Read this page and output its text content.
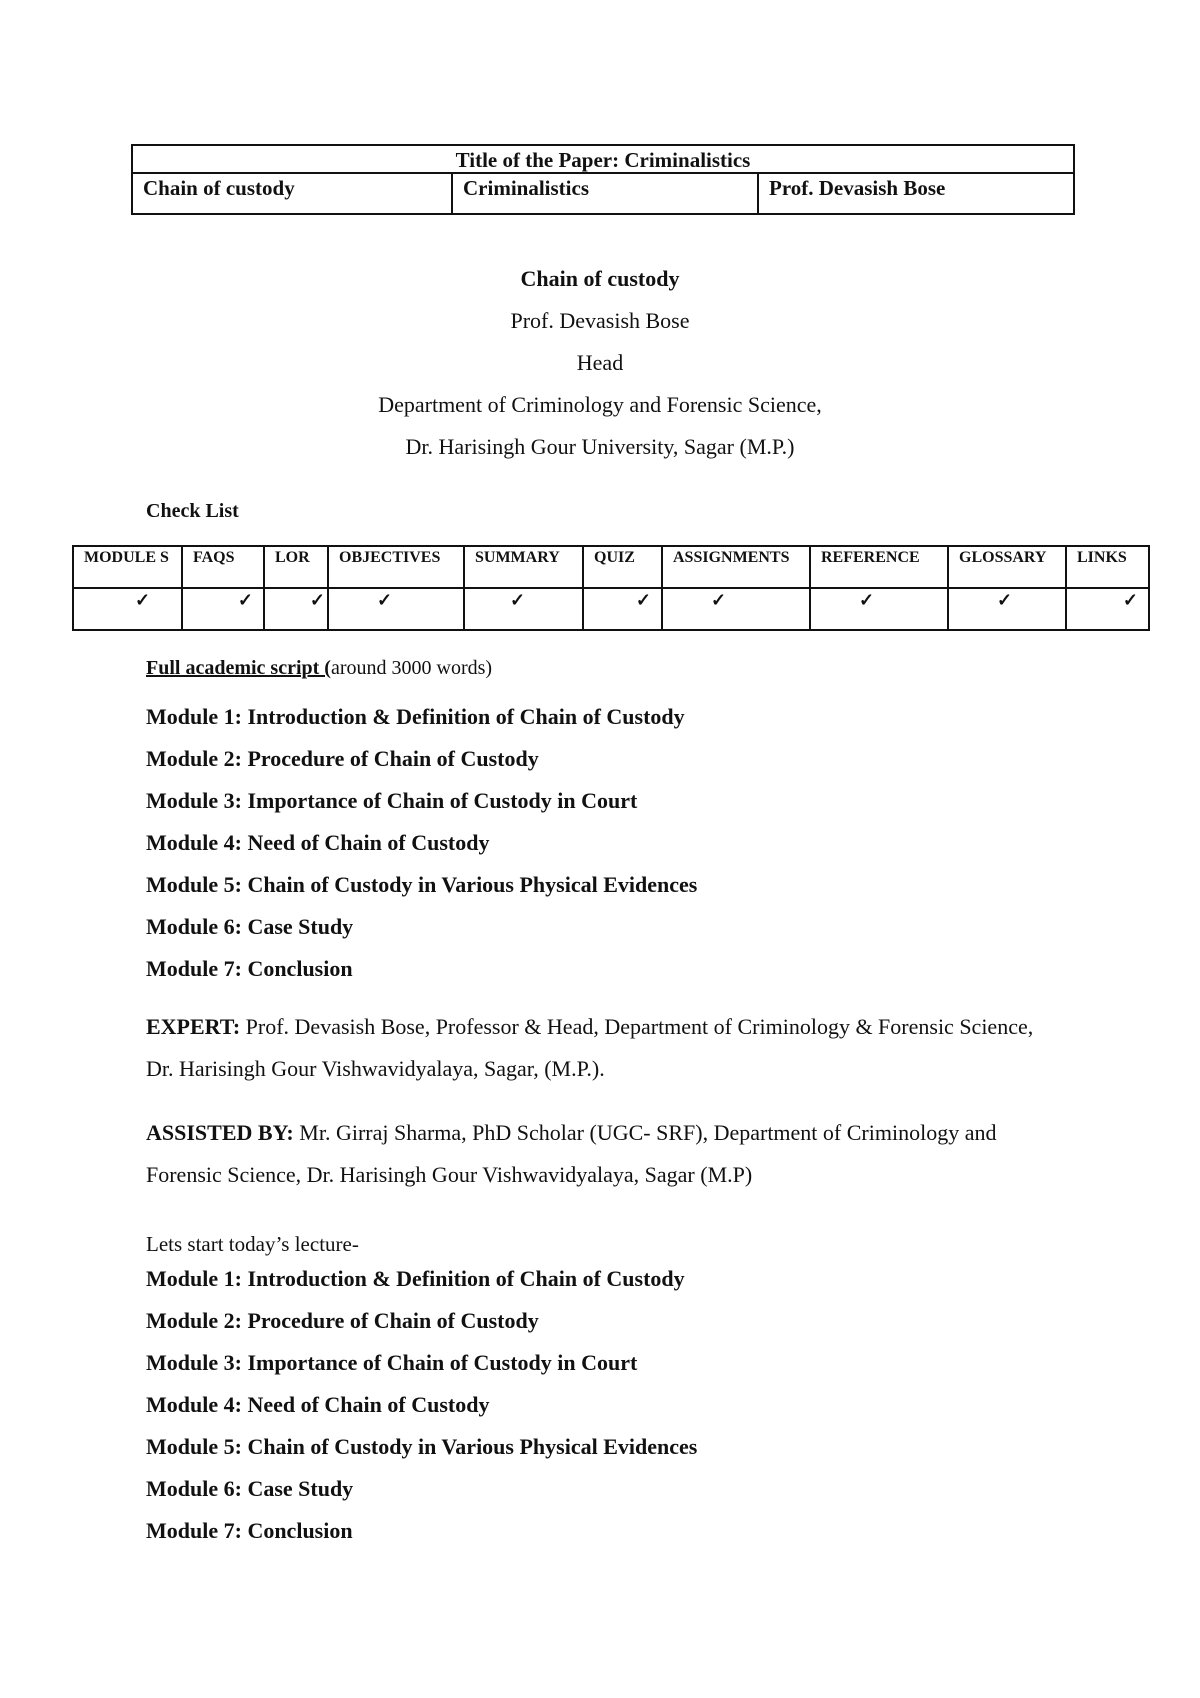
Title of the Paper: Criminalistics
Chain of custody	Criminalistics	Prof. Devasish Bose
Chain of custody
Prof. Devasish Bose
Head
Department of Criminology and Forensic Science,
Dr. Harisingh Gour University, Sagar (M.P.)
Check List
MODULE S	FAQS	LOR	OBJECTIVES	SUMMARY	QUIZ	ASSIGNMENTS	REFERENCE	GLOSSARY	LINKS
✓	✓	✓	✓	✓	✓	✓	✓	✓	✓
Full academic script (around 3000 words)
Module 1: Introduction & Definition of Chain of Custody
Module 2: Procedure of Chain of Custody
Module 3: Importance of Chain of Custody in Court
Module 4: Need of Chain of Custody
Module 5: Chain of Custody in Various Physical Evidences
Module 6: Case Study
Module 7: Conclusion
EXPERT: Prof. Devasish Bose, Professor & Head, Department of Criminology & Forensic Science, Dr. Harisingh Gour Vishwavidyalaya, Sagar, (M.P.).
ASSISTED BY: Mr. Girraj Sharma, PhD Scholar (UGC- SRF), Department of Criminology and Forensic Science, Dr. Harisingh Gour Vishwavidyalaya, Sagar (M.P)
Lets start today’s lecture-
Module 1: Introduction & Definition of Chain of Custody
Module 2: Procedure of Chain of Custody
Module 3: Importance of Chain of Custody in Court
Module 4: Need of Chain of Custody
Module 5: Chain of Custody in Various Physical Evidences
Module 6: Case Study
Module 7: Conclusion
